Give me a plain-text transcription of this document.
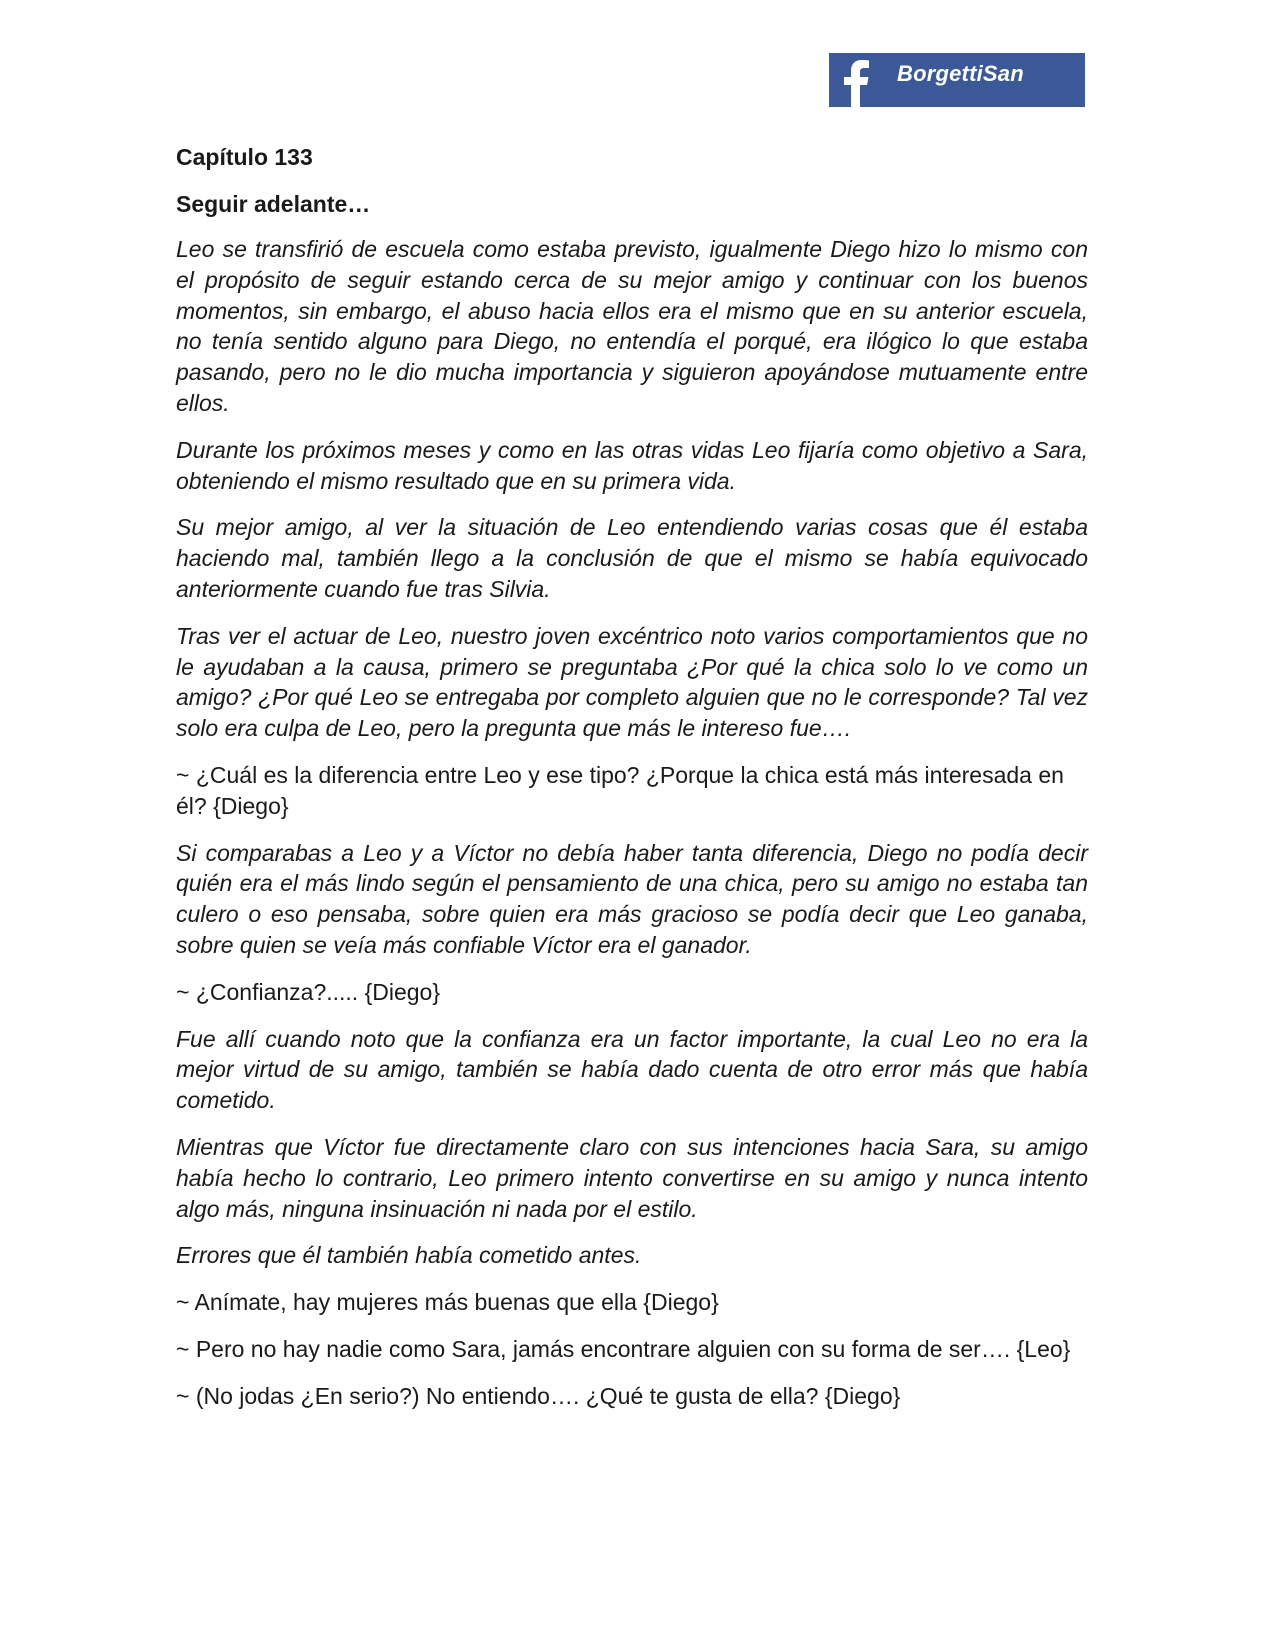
BorgettiSan
Capítulo 133
Seguir adelante…

Leo se transfirió de escuela como estaba previsto, igualmente Diego hizo lo mismo con el propósito de seguir estando cerca de su mejor amigo y continuar con los buenos momentos, sin embargo, el abuso hacia ellos era el mismo que en su anterior escuela, no tenía sentido alguno para Diego, no entendía el porqué, era ilógico lo que estaba pasando, pero no le dio mucha importancia y siguieron apoyándose mutuamente entre ellos.

Durante los próximos meses y como en las otras vidas Leo fijaría como objetivo a Sara, obteniendo el mismo resultado que en su primera vida.

Su mejor amigo, al ver la situación de Leo entendiendo varias cosas que él estaba haciendo mal, también llego a la conclusión de que el mismo se había equivocado anteriormente cuando fue tras Silvia.

Tras ver el actuar de Leo, nuestro joven excéntrico noto varios comportamientos que no le ayudaban a la causa, primero se preguntaba ¿Por qué la chica solo lo ve como un amigo? ¿Por qué Leo se entregaba por completo alguien que no le corresponde? Tal vez solo era culpa de Leo, pero la pregunta que más le intereso fue….

~ ¿Cuál es la diferencia entre Leo y ese tipo? ¿Porque la chica está más interesada en él? {Diego}

Si comparabas a Leo y a Víctor no debía haber tanta diferencia, Diego no podía decir quién era el más lindo según el pensamiento de una chica, pero su amigo no estaba tan culero o eso pensaba, sobre quien era más gracioso se podía decir que Leo ganaba, sobre quien se veía más confiable Víctor era el ganador.

~ ¿Confianza?..... {Diego}

Fue allí cuando noto que la confianza era un factor importante, la cual Leo no era la mejor virtud de su amigo, también se había dado cuenta de otro error más que había cometido.

Mientras que Víctor fue directamente claro con sus intenciones hacia Sara, su amigo había hecho lo contrario, Leo primero intento convertirse en su amigo y nunca intento algo más, ninguna insinuación ni nada por el estilo.

Errores que él también había cometido antes.

~ Anímate, hay mujeres más buenas que ella {Diego}

~ Pero no hay nadie como Sara, jamás encontrare alguien con su forma de ser…. {Leo}

~ (No jodas ¿En serio?) No entiendo…. ¿Qué te gusta de ella? {Diego}
